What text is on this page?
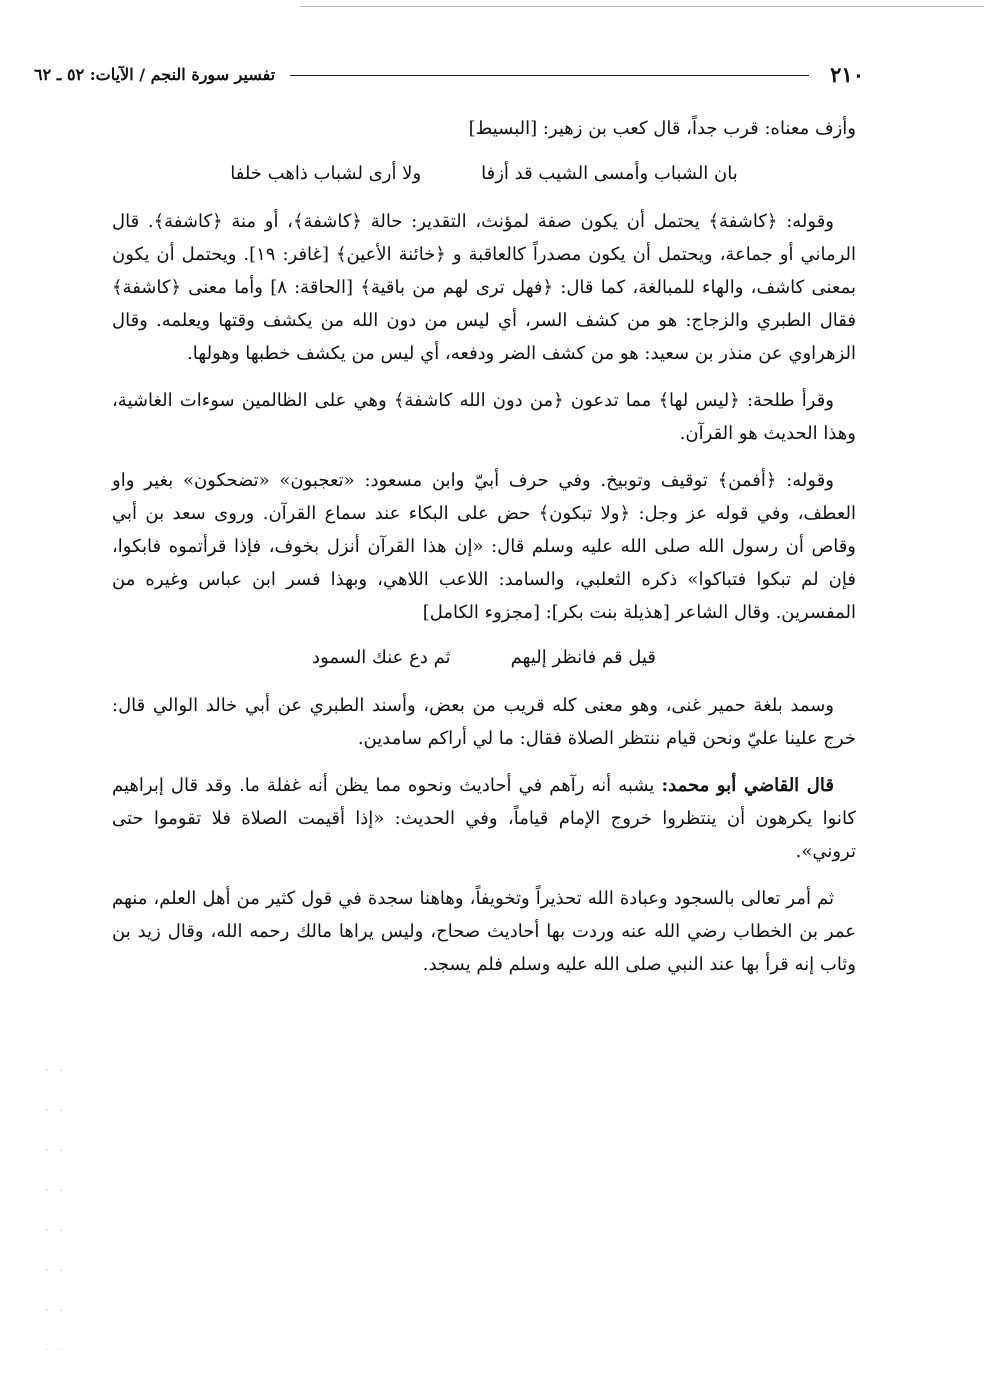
٢١٠
تفسير سورة النجم / الآيات: ٥٢ ـ ٦٢

وأزف معناه: قرب جداً، قال كعب بن زهير: [البسيط]

بان الشباب وأمسى الشيب قد أزفا
ولا أرى لشباب ذاهب خلفا

وقوله: ﴿كاشفة﴾ يحتمل أن يكون صفة لمؤنث، التقدير: حالة ﴿كاشفة﴾، أو منة ﴿كاشفة﴾. قال الرماني أو جماعة، ويحتمل أن يكون مصدراً كالعاقبة و ﴿خائنة الأعين﴾ [غافر: ١٩]. ويحتمل أن يكون بمعنى كاشف، والهاء للمبالغة، كما قال: ﴿فهل ترى لهم من باقية﴾ [الحاقة: ٨] وأما معنى ﴿كاشفة﴾ فقال الطبري والزجاج: هو من كشف السر، أي ليس من دون الله من يكشف وقتها ويعلمه. وقال الزهراوي عن منذر بن سعيد: هو من كشف الضر ودفعه، أي ليس من يكشف خطبها وهولها.

وقرأ طلحة: ﴿ليس لها﴾ مما تدعون ﴿من دون الله كاشفة﴾ وهي على الظالمين سوءات الغاشية، وهذا الحديث هو القرآن.

وقوله: ﴿أفمن﴾ توقيف وتوبيخ. وفي حرف أبيّ وابن مسعود: «تعجبون» «تضحكون» بغير واو العطف، وفي قوله عز وجل: ﴿ولا تبكون﴾ حض على البكاء عند سماع القرآن. وروى سعد بن أبي وقاص أن رسول الله صلى الله عليه وسلم قال: «إن هذا القرآن أنزل بخوف، فإذا قرأتموه فابكوا، فإن لم تبكوا فتباكوا» ذكره الثعلبي، والسامد: اللاعب اللاهي، وبهذا فسر ابن عباس وغيره من المفسرين. وقال الشاعر [هذيلة بنت بكر]: [مجزوء الكامل]

قيل قم فانظر إليهم
ثم دع عنك السمود

وسمد بلغة حمير غنى، وهو معنى كله قريب من بعض، وأسند الطبري عن أبي خالد الوالي قال: خرج علينا عليّ ونحن قيام ننتظر الصلاة فقال: ما لي أراكم سامدين.

قال القاضي أبو محمد: يشبه أنه رآهم في أحاديث ونحوه مما يظن أنه غفلة ما. وقد قال إبراهيم كانوا يكرهون أن ينتظروا خروج الإمام قياماً، وفي الحديث: «إذا أقيمت الصلاة فلا تقوموا حتى تروني».

ثم أمر تعالى بالسجود وعبادة الله تحذيراً وتخويفاً، وهاهنا سجدة في قول كثير من أهل العلم، منهم عمر بن الخطاب رضي الله عنه وردت بها أحاديث صحاح، وليس يراها مالك رحمه الله، وقال زيد بن وثاب إنه قرأ بها عند النبي صلى الله عليه وسلم فلم يسجد.
